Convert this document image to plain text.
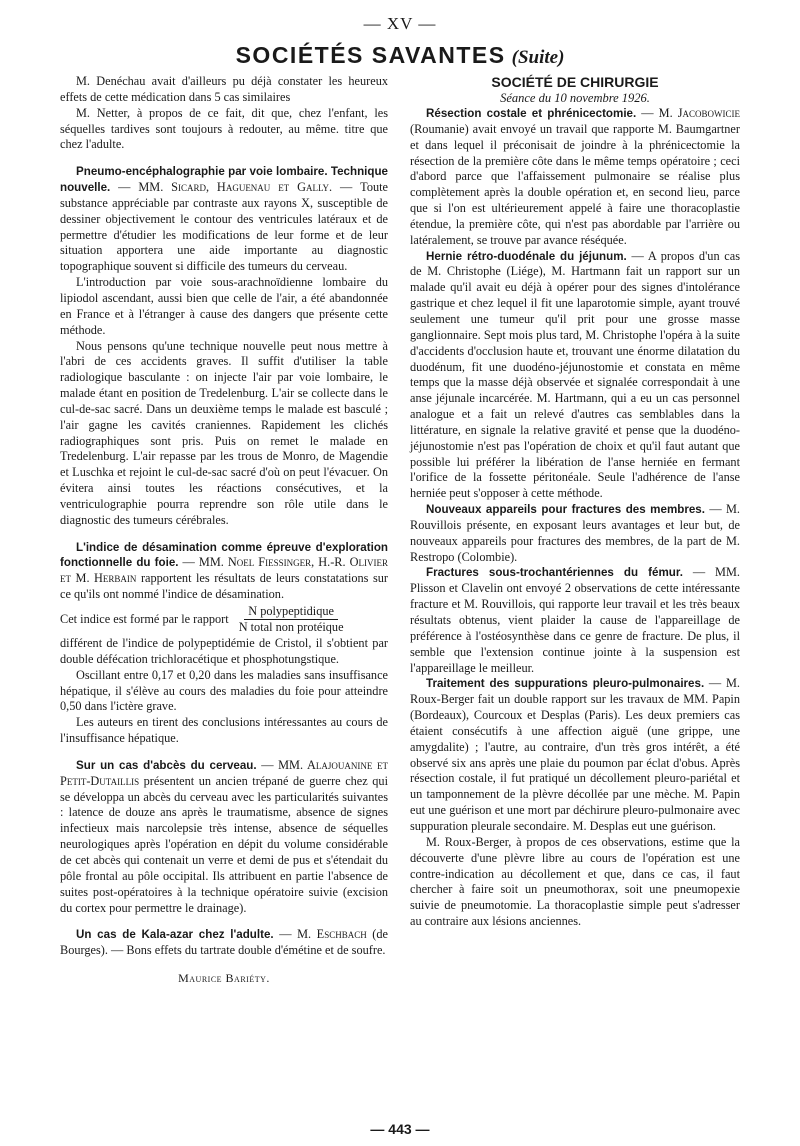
— XV —
SOCIÉTÉS SAVANTES (Suite)

M. Denéchau avait d'ailleurs pu déjà constater les heureux effets de cette médication dans 5 cas similaires

M. Netter, à propos de ce fait, dit que, chez l'enfant, les séquelles tardives sont toujours à redouter, au même. titre que chez l'adulte.

Pneumo-encéphalographie par voie lombaire. Technique nouvelle. — MM. Sicard, Haguenau et Gally. — Toute substance appréciable par contraste aux rayons X, susceptible de dessiner objectivement le contour des ventricules latéraux et de permettre d'étudier les modifications de leur forme et de leur situation apportera une aide importante au diagnostic topographique souvent si difficile des tumeurs du cerveau.

L'introduction par voie sous-arachnoïdienne lombaire du lipiodol ascendant, aussi bien que celle de l'air, a été abandonnée en France et à l'étranger à cause des dangers que présente cette méthode.

Nous pensons qu'une technique nouvelle peut nous mettre à l'abri de ces accidents graves. Il suffit d'utiliser la table radiologique basculante : on injecte l'air par voie lombaire, le malade étant en position de Tredelenburg. L'air se collecte dans le cul-de-sac sacré. Dans un deuxième temps le malade est basculé ; l'air gagne les cavités craniennes. Rapidement les clichés radiographiques sont pris. Puis on remet le malade en Tredelenburg. L'air repasse par les trous de Monro, de Magendie et Luschka et rejoint le cul-de-sac sacré d'où on peut l'évacuer. On évitera ainsi toutes les réactions consécutives, et la ventriculographie pourra reprendre son rôle utile dans le diagnostic des tumeurs cérébrales.

L'indice de désamination comme épreuve d'exploration fonctionnelle du foie. — MM. Noel Fiessinger, H.-R. Olivier et M. Herbain rapportent les résultats de leurs constatations sur ce qu'ils ont nommé l'indice de désamination.

Cet indice est formé par le rapport $\frac{\text{N polypeptidique}}{\text{N total non protéique}}$

différent de l'indice de polypeptidémie de Cristol, il s'obtient par double défécation trichloracétique et phosphotungstique.

Oscillant entre 0,17 et 0,20 dans les maladies sans insuffisance hépatique, il s'élève au cours des maladies du foie pour atteindre 0,50 dans l'ictère grave.

Les auteurs en tirent des conclusions intéressantes au cours de l'insuffisance hépatique.

Sur un cas d'abcès du cerveau. — MM. Alajouanine et Petit-Dutaillis présentent un ancien trépané de guerre chez qui se développa un abcès du cerveau avec les particularités suivantes : latence de douze ans après le traumatisme, absence de signes infectieux mais narcolepsie très intense, absence de séquelles neurologiques après l'opération en dépit du volume considérable de cet abcès qui contenait un verre et demi de pus et s'étendait du pôle frontal au pôle occipital. Ils attribuent en partie l'absence de suites post-opératoires à la technique opératoire suivie (excision du cortex pour permettre le drainage).

Un cas de Kala-azar chez l'adulte. — M. Eschbach (de Bourges). — Bons effets du tartrate double d'émétine et de soufre.

Maurice Bariéty.
SOCIÉTÉ DE CHIRURGIE
Séance du 10 novembre 1926.

Résection costale et phrénicectomie. — M. Jacobowicie (Roumanie) avait envoyé un travail que rapporte M. Baumgartner et dans lequel il préconisait de joindre à la phrénicectomie la résection de la première côte dans le même temps opératoire ; ceci d'abord parce que l'affaissement pulmonaire se réalise plus complètement après la double opération et, en second lieu, parce que si l'on est ultérieurement appelé à faire une thoracoplastie étendue, la première côte, qui n'est pas abordable par l'arrière ou latéralement, se trouve par avance réséquée.

Hernie rétro-duodénale du jéjunum. — A propos d'un cas de M. Christophe (Liége), M. Hartmann fait un rapport sur un malade qu'il avait eu déjà à opérer pour des signes d'intolérance gastrique et chez lequel il fit une laparotomie simple, ayant trouvé seulement une tumeur qu'il prit pour une grosse masse ganglionnaire. Sept mois plus tard, M. Christophe l'opéra à la suite d'accidents d'occlusion haute et, trouvant une énorme dilatation du duodénum, fit une duodéno-jéjunostomie et constata en même temps que la masse déjà observée et signalée correspondait à une anse jéjunale incarcérée. M. Hartmann, qui a eu un cas personnel analogue et a fait un relevé d'autres cas semblables dans la littérature, en signale la relative gravité et pense que la duodéno-jéjunostomie n'est pas l'opération de choix et qu'il faut autant que possible lui préférer la libération de l'anse herniée en fermant l'orifice de la fossette péritonéale. Seule l'adhérence de l'anse herniée peut s'opposer à cette méthode.

Nouveaux appareils pour fractures des membres. — M. Rouvillois présente, en exposant leurs avantages et leur but, de nouveaux appareils pour fractures des membres, de la part de M. Restropo (Colombie).

Fractures sous-trochantériennes du fémur. — MM. Plisson et Clavelin ont envoyé 2 observations de cette intéressante fracture et M. Rouvillois, qui rapporte leur travail et les très beaux résultats obtenus, vient plaider la cause de l'appareillage de préférence à l'ostéosynthèse dans ce genre de fracture. De plus, il semble que l'extension continue jointe à la suspension est l'appareillage le meilleur.

Traitement des suppurations pleuro-pulmonaires. — M. Roux-Berger fait un double rapport sur les travaux de MM. Papin (Bordeaux), Courcoux et Desplas (Paris). Les deux premiers cas étaient consécutifs à une affection aiguë (une grippe, une amygdalite) ; l'autre, au contraire, d'un très gros intérêt, a été observé six ans après une plaie du poumon par éclat d'obus. Après résection costale, il fut pratiqué un décollement pleuro-pariétal et un tamponnement de la plèvre décollée par une mèche. M. Papin eut une guérison et une mort par déchirure pleuro-pulmonaire avec suppuration pleurale secondaire. M. Desplas eut une guérison.

M. Roux-Berger, à propos de ces observations, estime que la découverte d'une plèvre libre au cours de l'opération est une contre-indication au décollement et que, dans ce cas, il faut chercher à faire soit un pneumothorax, soit une pneumopexie suivie de pneumotomie. La thoracoplastie simple peut s'adresser au contraire aux lésions anciennes.

— 443 —
